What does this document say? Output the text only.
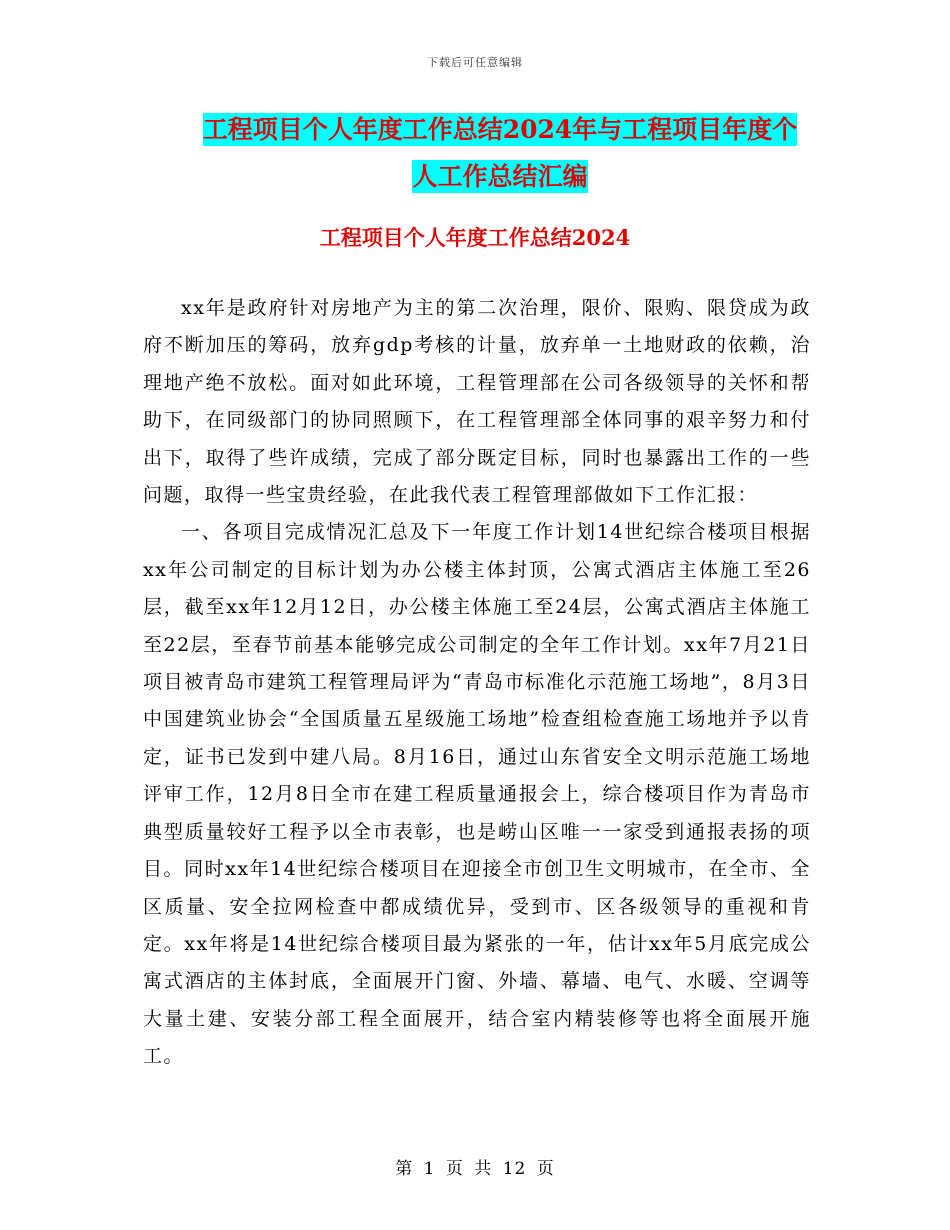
下载后可任意编辑
工程项目个人年度工作总结2024年与工程项目年度个
人工作总结汇编
工程项目个人年度工作总结2024

xx年是政府针对房地产为主的第二次治理，限价、限购、限贷成为政府不断加压的筹码，放弃gdp考核的计量，放弃单一土地财政的依赖，治理地产绝不放松。面对如此环境，工程管理部在公司各级领导的关怀和帮助下，在同级部门的协同照顾下，在工程管理部全体同事的艰辛努力和付出下，取得了些许成绩，完成了部分既定目标，同时也暴露出工作的一些问题，取得一些宝贵经验，在此我代表工程管理部做如下工作汇报：

一、各项目完成情况汇总及下一年度工作计划14世纪综合楼项目根据xx年公司制定的目标计划为办公楼主体封顶，公寓式酒店主体施工至26层，截至xx年12月12日，办公楼主体施工至24层，公寓式酒店主体施工至22层，至春节前基本能够完成公司制定的全年工作计划。xx年7月21日项目被青岛市建筑工程管理局评为“青岛市标准化示范施工场地”，8月3日中国建筑业协会“全国质量五星级施工场地”检查组检查施工场地并予以肯定，证书已发到中建八局。8月16日，通过山东省安全文明示范施工场地评审工作，12月8日全市在建工程质量通报会上，综合楼项目作为青岛市典型质量较好工程予以全市表彰，也是崂山区唯一一家受到通报表扬的项目。同时xx年14世纪综合楼项目在迎接全市创卫生文明城市，在全市、全区质量、安全拉网检查中都成绩优异，受到市、区各级领导的重视和肯定。xx年将是14世纪综合楼项目最为紧张的一年，估计xx年5月底完成公寓式酒店的主体封底，全面展开门窗、外墙、幕墙、电气、水暖、空调等大量土建、安装分部工程全面展开，结合室内精装修等也将全面展开施工。

第 1 页 共 12 页
